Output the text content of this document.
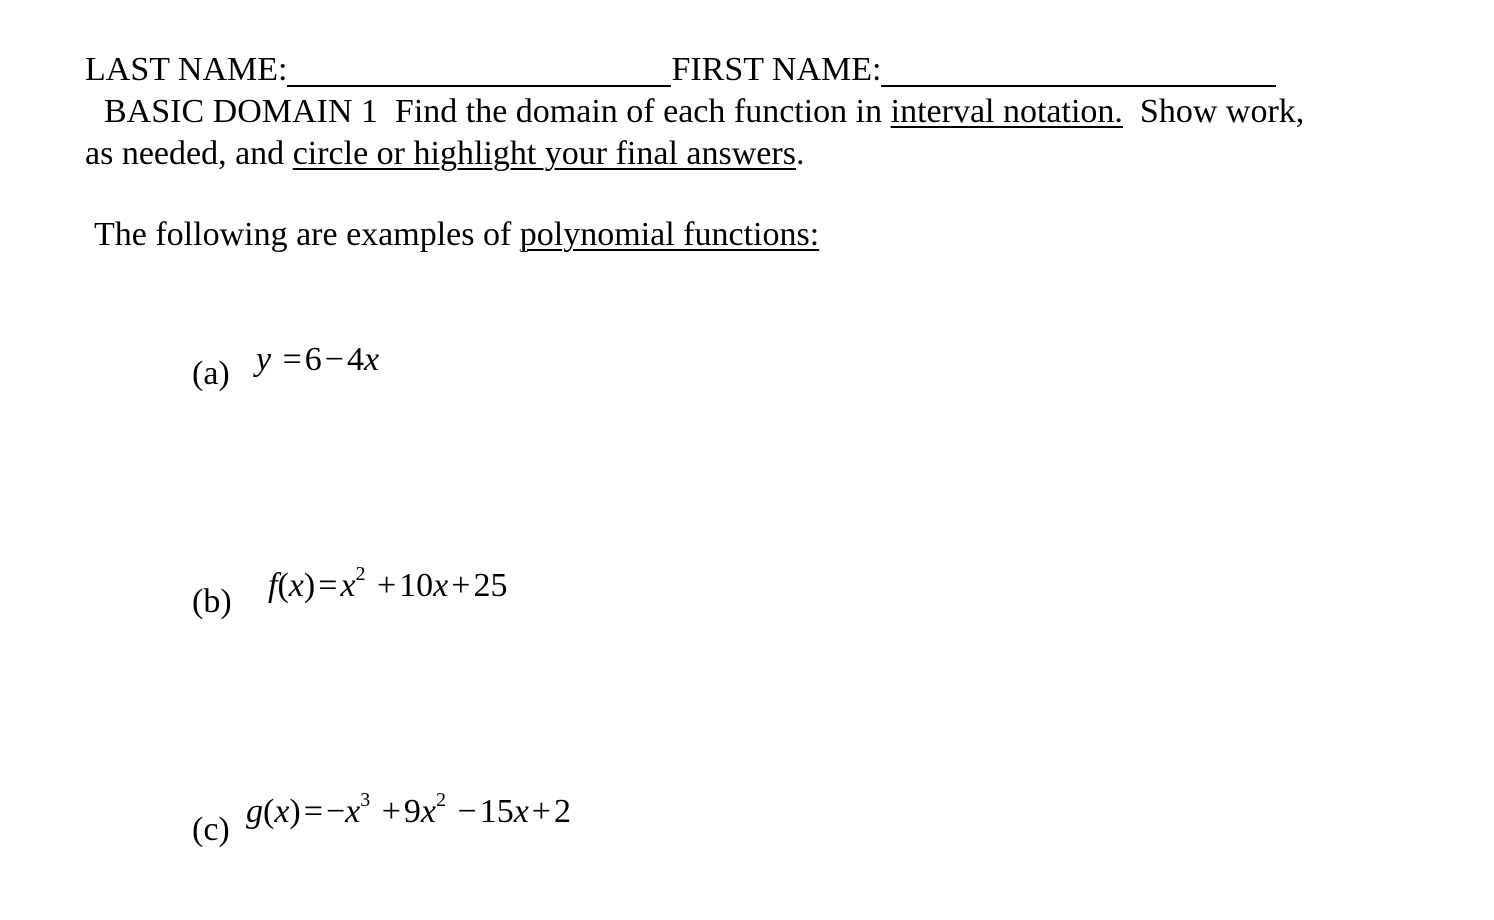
LAST NAME:	FIRST NAME:
BASIC DOMAIN 1  Find the domain of each function in interval notation.  Show work,
as needed, and circle or highlight your final answers.
The following are examples of polynomial functions:
(a) y =6−4x
(b) $f(x)=x^2 +10x+25$
(c) $g(x)=-x^3 +9x^2 -15x+2$
